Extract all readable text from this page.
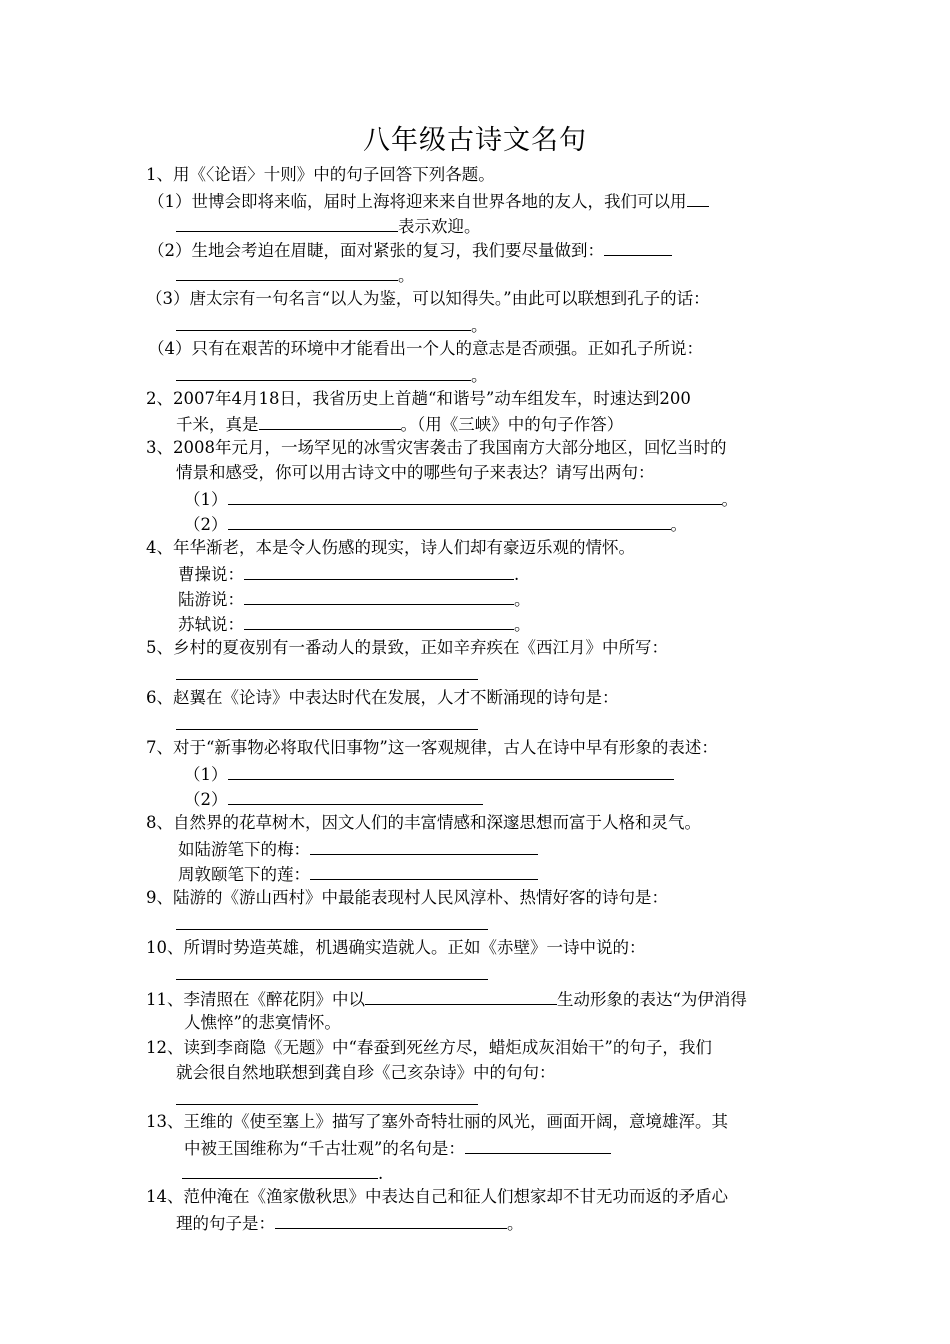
八年级古诗文名句
1、用《〈论语〉十则》中的句子回答下列各题。
（1）世博会即将来临，届时上海将迎来来自世界各地的友人，我们可以用
表示欢迎。
（2）生地会考迫在眉睫，面对紧张的复习，我们要尽量做到：
。
（3）唐太宗有一句名言“以人为鉴，可以知得失。”由此可以联想到孔子的话：
。
（4）只有在艰苦的环境中才能看出一个人的意志是否顽强。正如孔子所说：
。
2、2007年4月18日，我省历史上首趟“和谐号”动车组发车，时速达到200
千米，真是	。（用《三峡》中的句子作答）
3、2008年元月，一场罕见的冰雪灾害袭击了我国南方大部分地区，回忆当时的
情景和感受，你可以用古诗文中的哪些句子来表达？请写出两句：
（1）	。
（2）	。
4、年华渐老，本是令人伤感的现实，诗人们却有豪迈乐观的情怀。
曹操说：	.
陆游说：	。
苏轼说：	。
5、乡村的夏夜别有一番动人的景致，正如辛弃疾在《西江月》中所写：
6、赵翼在《论诗》中表达时代在发展，人才不断涌现的诗句是：
7、对于“新事物必将取代旧事物”这一客观规律，古人在诗中早有形象的表述：
（1）
（2）
8、自然界的花草树木，因文人们的丰富情感和深邃思想而富于人格和灵气。
如陆游笔下的梅：
周敦颐笔下的莲：
9、陆游的《游山西村》中最能表现村人民风淳朴、热情好客的诗句是：
10、所谓时势造英雄，机遇确实造就人。正如《赤壁》一诗中说的：
11、李清照在《醉花阴》中以	生动形象的表达“为伊消得
人憔悴”的悲寞情怀。
12、读到李商隐《无题》中“春蚕到死丝方尽，蜡炬成灰泪始干”的句子，我们
就会很自然地联想到龚自珍《己亥杂诗》中的句句：
13、王维的《使至塞上》描写了塞外奇特壮丽的风光，画面开阔，意境雄浑。其
中被王国维称为“千古壮观”的名句是：
.
14、范仲淹在《渔家傲秋思》中表达自己和征人们想家却不甘无功而返的矛盾心
理的句子是：	。
